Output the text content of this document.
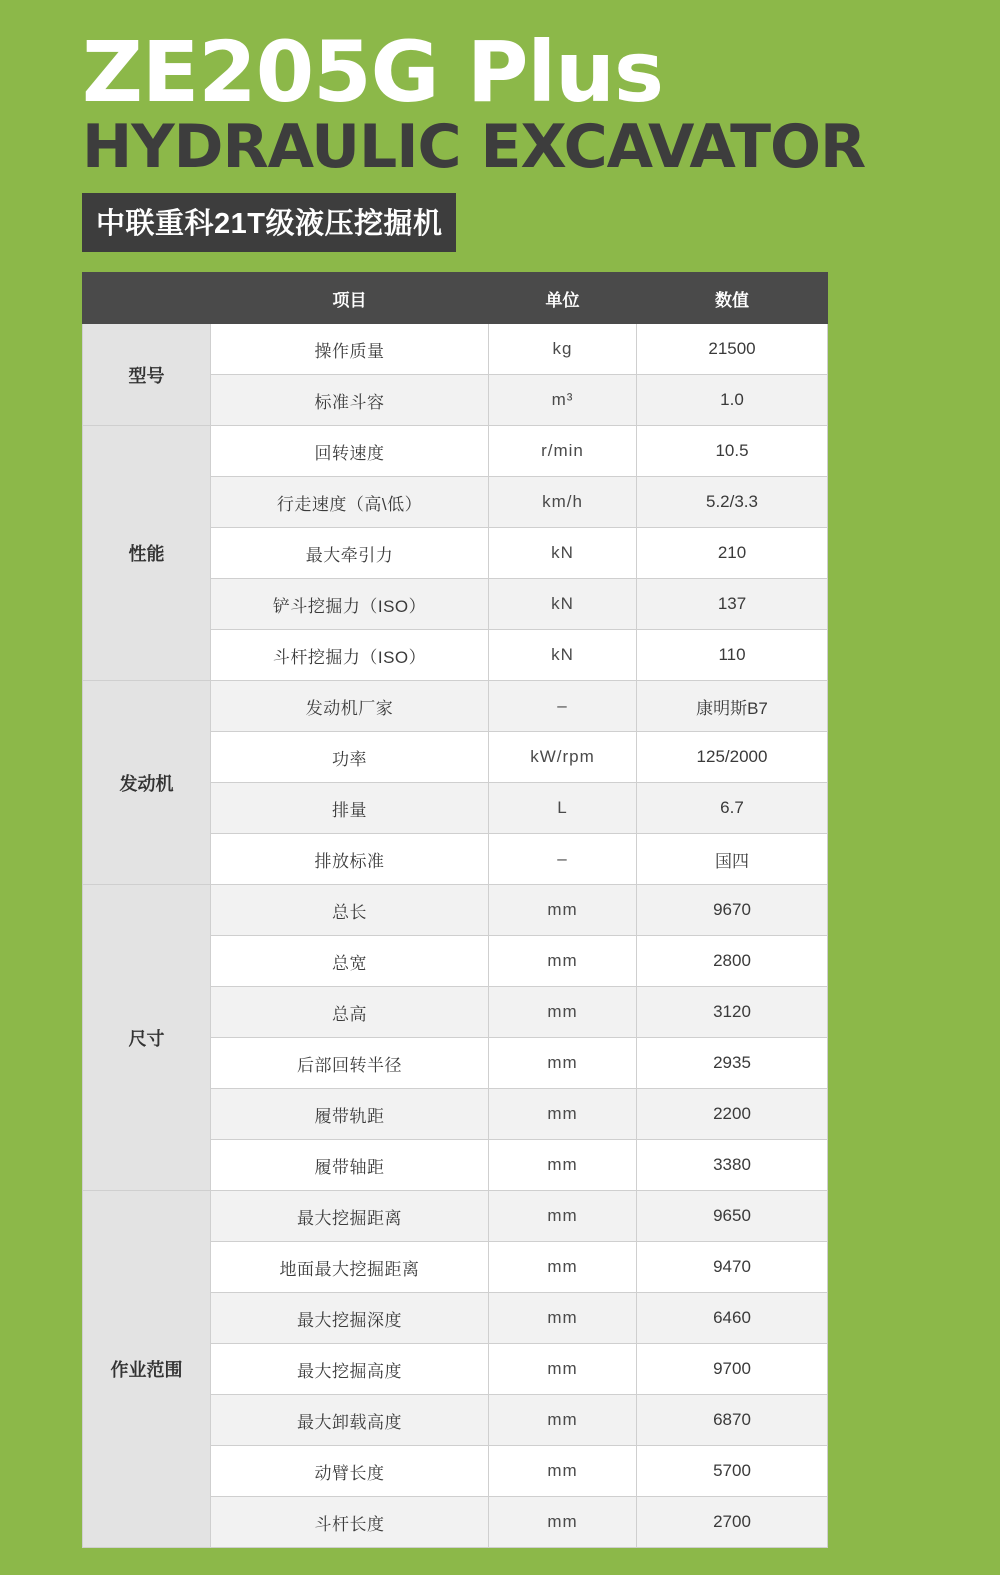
ZE205G Plus
HYDRAULIC EXCAVATOR
中联重科21T级液压挖掘机
	项目	单位	数值
型号	操作质量	kg	21500
	标准斗容	m³	1.0
性能	回转速度	r/min	10.5
	行走速度（高\低）	km/h	5.2/3.3
	最大牵引力	kN	210
	铲斗挖掘力（ISO）	kN	137
	斗杆挖掘力（ISO）	kN	110
发动机	发动机厂家	–	康明斯B7
	功率	kW/rpm	125/2000
	排量	L	6.7
	排放标准	–	国四
尺寸	总长	mm	9670
	总宽	mm	2800
	总高	mm	3120
	后部回转半径	mm	2935
	履带轨距	mm	2200
	履带轴距	mm	3380
作业范围	最大挖掘距离	mm	9650
	地面最大挖掘距离	mm	9470
	最大挖掘深度	mm	6460
	最大挖掘高度	mm	9700
	最大卸载高度	mm	6870
	动臂长度	mm	5700
	斗杆长度	mm	2700
